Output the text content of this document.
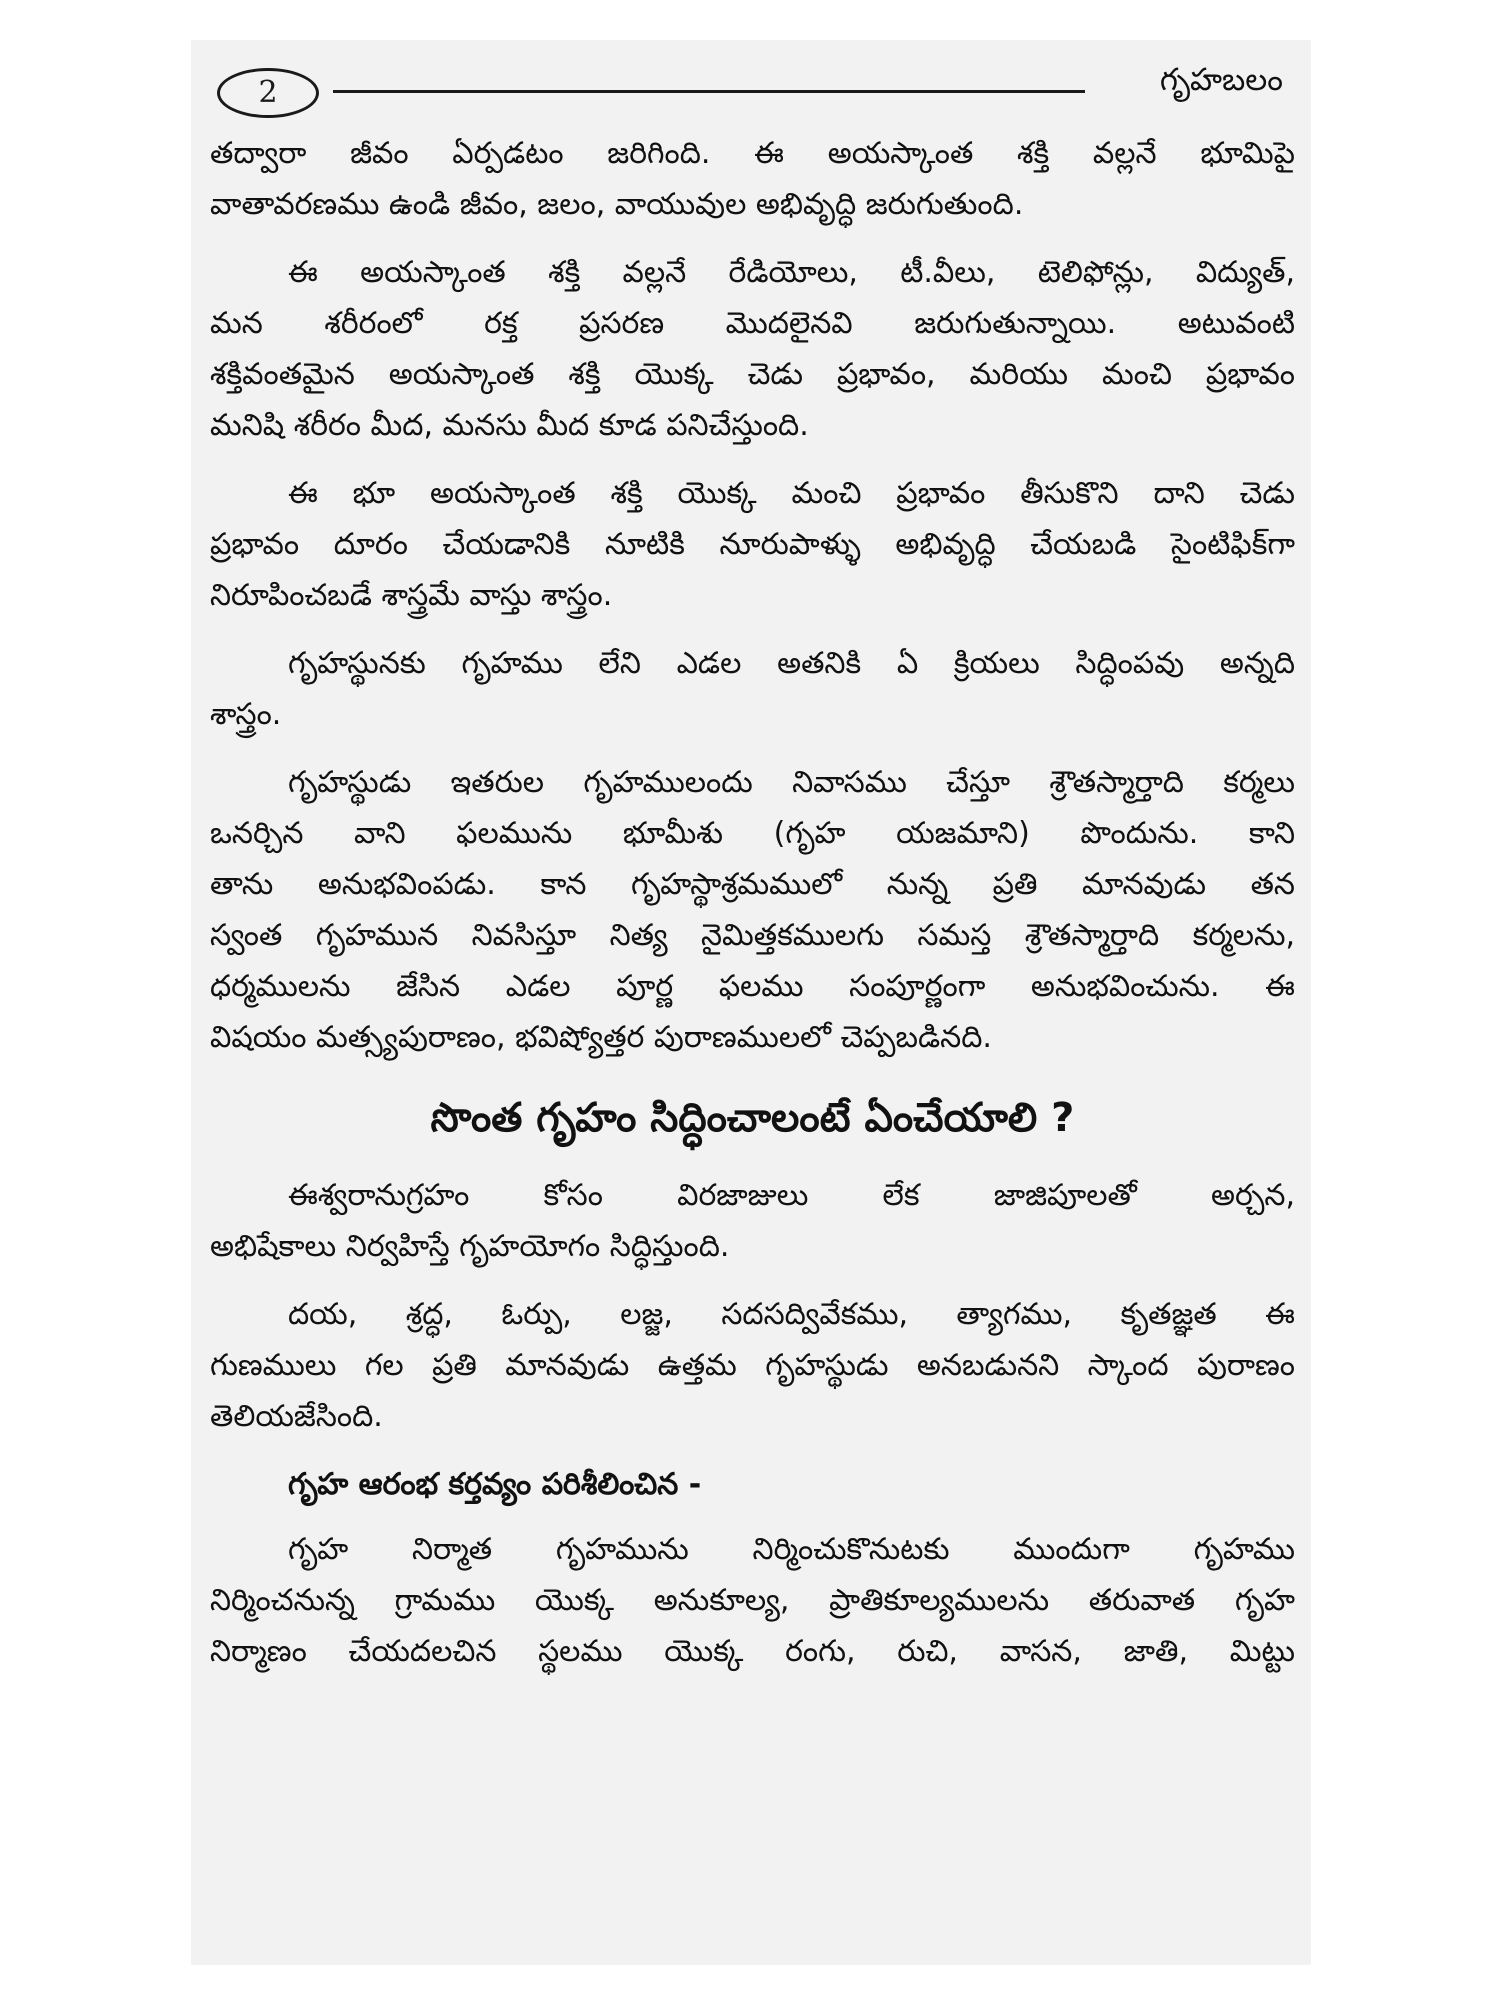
2	గృహబలం
తద్వారా జీవం ఏర్పడటం జరిగింది. ఈ అయస్కాంత శక్తి వల్లనే భూమిపై
వాతావరణము ఉండి జీవం, జలం, వాయువుల అభివృద్ధి జరుగుతుంది.
ఈ అయస్కాంత శక్తి వల్లనే రేడియోలు, టీ.వీలు, టెలిఫోన్లు, విద్యుత్,
మన శరీరంలో రక్త ప్రసరణ మొదలైనవి జరుగుతున్నాయి. అటువంటి
శక్తివంతమైన అయస్కాంత శక్తి యొక్క చెడు ప్రభావం, మరియు మంచి ప్రభావం
మనిషి శరీరం మీద, మనసు మీద కూడ పనిచేస్తుంది.
ఈ భూ అయస్కాంత శక్తి యొక్క మంచి ప్రభావం తీసుకొని దాని చెడు
ప్రభావం దూరం చేయడానికి నూటికి నూరుపాళ్ళు అభివృద్ధి చేయబడి సైంటిఫిక్‌గా
నిరూపించబడే శాస్త్రమే వాస్తు శాస్త్రం.
గృహస్థునకు గృహము లేని ఎడల అతనికి ఏ క్రియలు సిద్ధింపవు అన్నది
శాస్త్రం.
గృహస్థుడు ఇతరుల గృహములందు నివాసము చేస్తూ శ్రౌతస్మార్తాది కర్మలు
ఒనర్చిన వాని ఫలమును భూమీశు (గృహ యజమాని) పొందును. కాని
తాను అనుభవింపడు. కాన గృహస్థాశ్రమములో నున్న ప్రతి మానవుడు తన
స్వంత గృహమున నివసిస్తూ నిత్య నైమిత్తకములగు సమస్త శ్రౌతస్మార్తాది కర్మలను,
ధర్మములను జేసిన ఎడల పూర్ణ ఫలము సంపూర్ణంగా అనుభవించును. ఈ
విషయం మత్స్యపురాణం, భవిష్యోత్తర పురాణములలో చెప్పబడినది.
సొంత గృహం సిద్ధించాలంటే ఏంచేయాలి ?
ఈశ్వరానుగ్రహం కోసం విరజాజులు లేక జాజిపూలతో అర్చన,
అభిషేకాలు నిర్వహిస్తే గృహయోగం సిద్ధిస్తుంది.
దయ, శ్రద్ధ, ఓర్పు, లజ్జ, సదసద్వివేకము, త్యాగము, కృతజ్ఞత ఈ
గుణములు గల ప్రతి మానవుడు ఉత్తమ గృహస్థుడు అనబడునని స్కాంద పురాణం
తెలియజేసింది.
గృహ ఆరంభ కర్తవ్యం పరిశీలించిన -
గృహ నిర్మాత గృహమును నిర్మించుకొనుటకు ముందుగా గృహము
నిర్మించనున్న గ్రామము యొక్క అనుకూల్య, ప్రాతికూల్యములను తరువాత గృహ
నిర్మాణం చేయదలచిన స్థలము యొక్క రంగు, రుచి, వాసన, జాతి, మిట్టు
